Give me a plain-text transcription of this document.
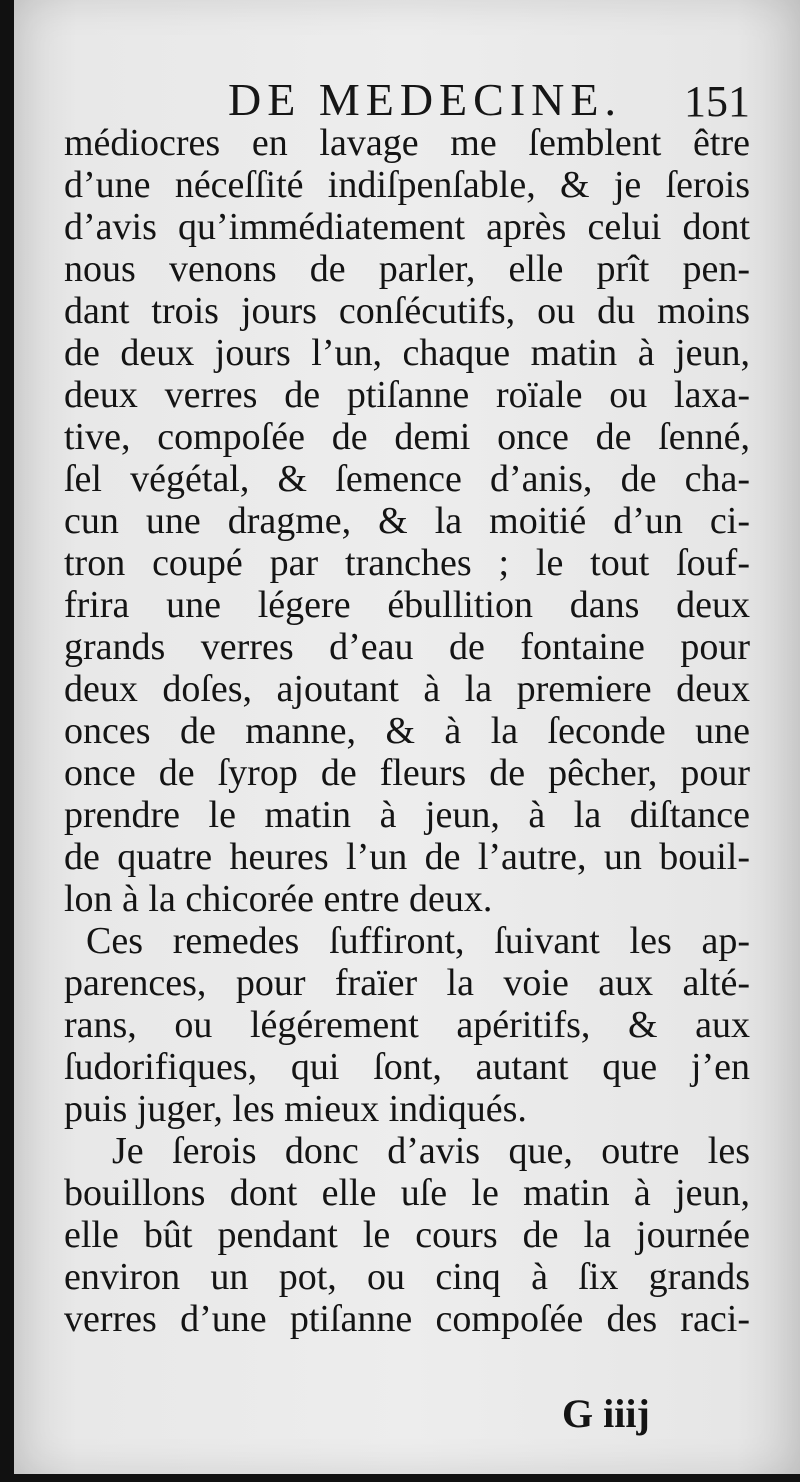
DE MEDECINE. 151
médiocres en lavage me ſemblent être
d’une néceſſité indiſpenſable, & je ſerois
d’avis qu’immédiatement après celui dont
nous venons de parler, elle prît pen-
dant trois jours conſécutifs, ou du moins
de deux jours l’un, chaque matin à jeun,
deux verres de ptiſanne roïale ou laxa-
tive, compoſée de demi once de ſenné,
ſel végétal, & ſemence d’anis, de cha-
cun une dragme, & la moitié d’un ci-
tron coupé par tranches ; le tout ſouf-
frira une légere ébullition dans deux
grands verres d’eau de fontaine pour
deux doſes, ajoutant à la premiere deux
onces de manne, & à la ſeconde une
once de ſyrop de fleurs de pêcher, pour
prendre le matin à jeun, à la diſtance
de quatre heures l’un de l’autre, un bouil-
lon à la chicorée entre deux.
Ces remedes ſuffiront, ſuivant les ap-
parences, pour fraïer la voie aux alté-
rans, ou légérement apéritifs, & aux
ſudorifiques, qui ſont, autant que j’en
puis juger, les mieux indiqués.
Je ſerois donc d’avis que, outre les
bouillons dont elle uſe le matin à jeun,
elle bût pendant le cours de la journée
environ un pot, ou cinq à ſix grands
verres d’une ptiſanne compoſée des raci-
G iiij
